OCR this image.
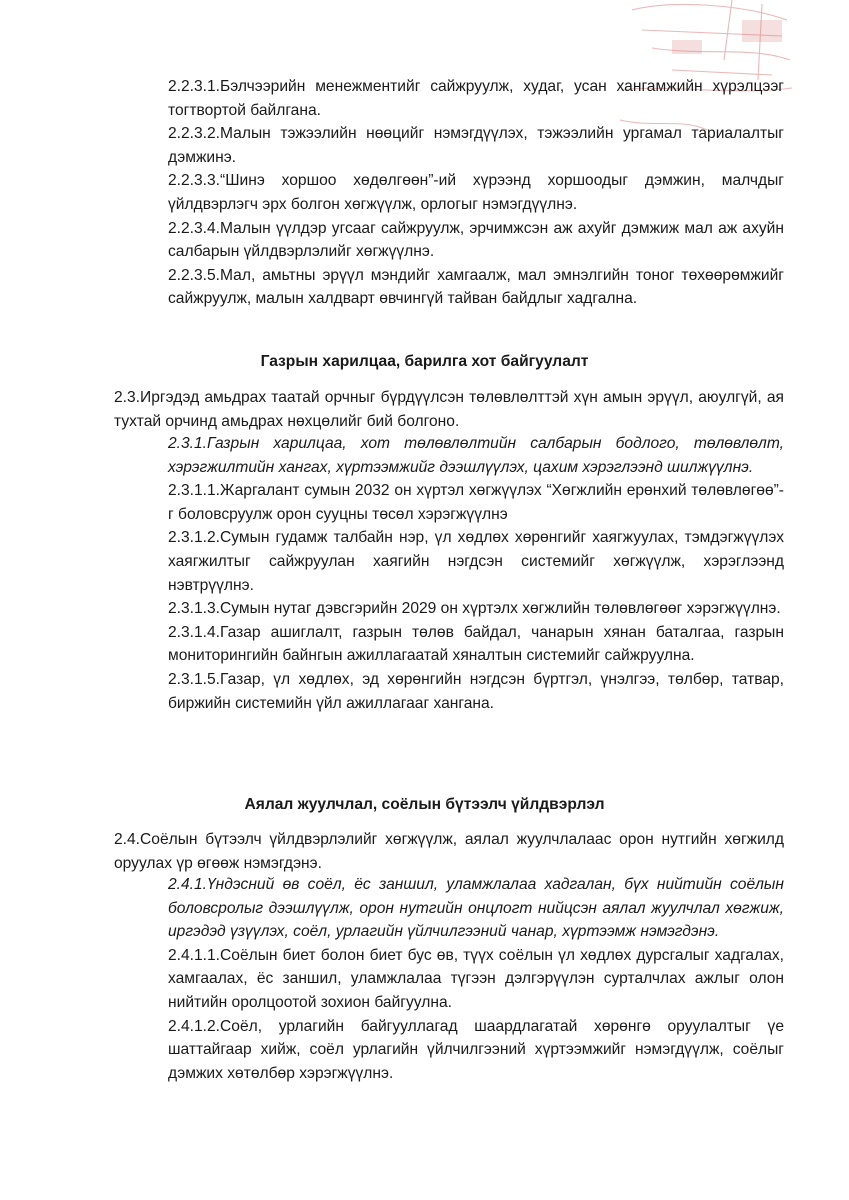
2.2.3.1.Бэлчээрийн менежментийг сайжруулж, худаг, усан хангамжийн хүрэлцээг тогтвортой байлгана.

2.2.3.2.Малын тэжээлийн нөөцийг нэмэгдүүлэх, тэжээлийн ургамал тариалалтыг дэмжинэ.

2.2.3.3.“Шинэ хоршоо хөдөлгөөн”-ий хүрээнд хоршоодыг дэмжин, малчдыг үйлдвэрлэгч эрх болгон хөгжүүлж, орлогыг нэмэгдүүлнэ.

2.2.3.4.Малын үүлдэр угсааг сайжруулж, эрчимжсэн аж ахуйг дэмжиж мал аж ахуйн салбарын үйлдвэрлэлийг хөгжүүлнэ.

2.2.3.5.Мал, амьтны эрүүл мэндийг хамгаалж, мал эмнэлгийн тоног төхөөрөмжийг сайжруулж, малын халдварт өвчингүй тайван байдлыг хадгална.

Газрын харилцаа, барилга хот байгуулалт

2.3.Иргэдэд амьдрах таатай орчныг бүрдүүлсэн төлөвлөлттэй хүн амын эрүүл, аюулгүй, ая тухтай орчинд амьдрах нөхцөлийг бий болгоно.

2.3.1.Газрын харилцаа, хот төлөвлөлтийн салбарын бодлого, төлөвлөлт, хэрэгжилтийн хангах, хүртээмжийг дээшлүүлэх, цахим хэрэглээнд шилжүүлнэ.

2.3.1.1.Жаргалант сумын 2032 он хүртэл хөгжүүлэх “Хөгжлийн ерөнхий төлөвлөгөө”-г боловсруулж орон сууцны төсөл хэрэгжүүлнэ

2.3.1.2.Сумын гудамж талбайн нэр, үл хөдлөх хөрөнгийг хаягжуулах, тэмдэгжүүлэх хаягжилтыг сайжруулан хаягийн нэгдсэн системийг хөгжүүлж, хэрэглээнд нэвтрүүлнэ.

2.3.1.3.Сумын нутаг дэвсгэрийн 2029 он хүртэлх хөгжлийн төлөвлөгөөг хэрэгжүүлнэ.

2.3.1.4.Газар ашиглалт, газрын төлөв байдал, чанарын хянан баталгаа, газрын мониторингийн байнгын ажиллагаатай хяналтын системийг сайжруулна.

2.3.1.5.Газар, үл хөдлөх, эд хөрөнгийн нэгдсэн бүртгэл, үнэлгээ, төлбөр, татвар, биржийн системийн үйл ажиллагааг хангана.

Аялал жуулчлал, соёлын бүтээлч үйлдвэрлэл

2.4.Соёлын бүтээлч үйлдвэрлэлийг хөгжүүлж, аялал жуулчлалаас орон нутгийн хөгжилд оруулах үр өгөөж нэмэгдэнэ.

2.4.1.Үндэсний өв соёл, ёс заншил, уламжлалаа хадгалан, бүх нийтийн соёлын боловсролыг дээшлүүлж, орон нутгийн онцлогт нийцсэн аялал жуулчлал хөгжиж, иргэдэд үзүүлэх, соёл, урлагийн үйлчилгээний чанар, хүртээмж нэмэгдэнэ.

2.4.1.1.Соёлын биет болон биет бус өв, түүх соёлын үл хөдлөх дурсгалыг хадгалах, хамгаалах, ёс заншил, уламжлалаа түгээн дэлгэрүүлэн сурталчлах ажлыг олон нийтийн оролцоотой зохион байгуулна.

2.4.1.2.Соёл, урлагийн байгууллагад шаардлагатай хөрөнгө оруулалтыг үе шаттайгаар хийж, соёл урлагийн үйлчилгээний хүртээмжийг нэмэгдүүлж, соёлыг дэмжих хөтөлбөр хэрэгжүүлнэ.
